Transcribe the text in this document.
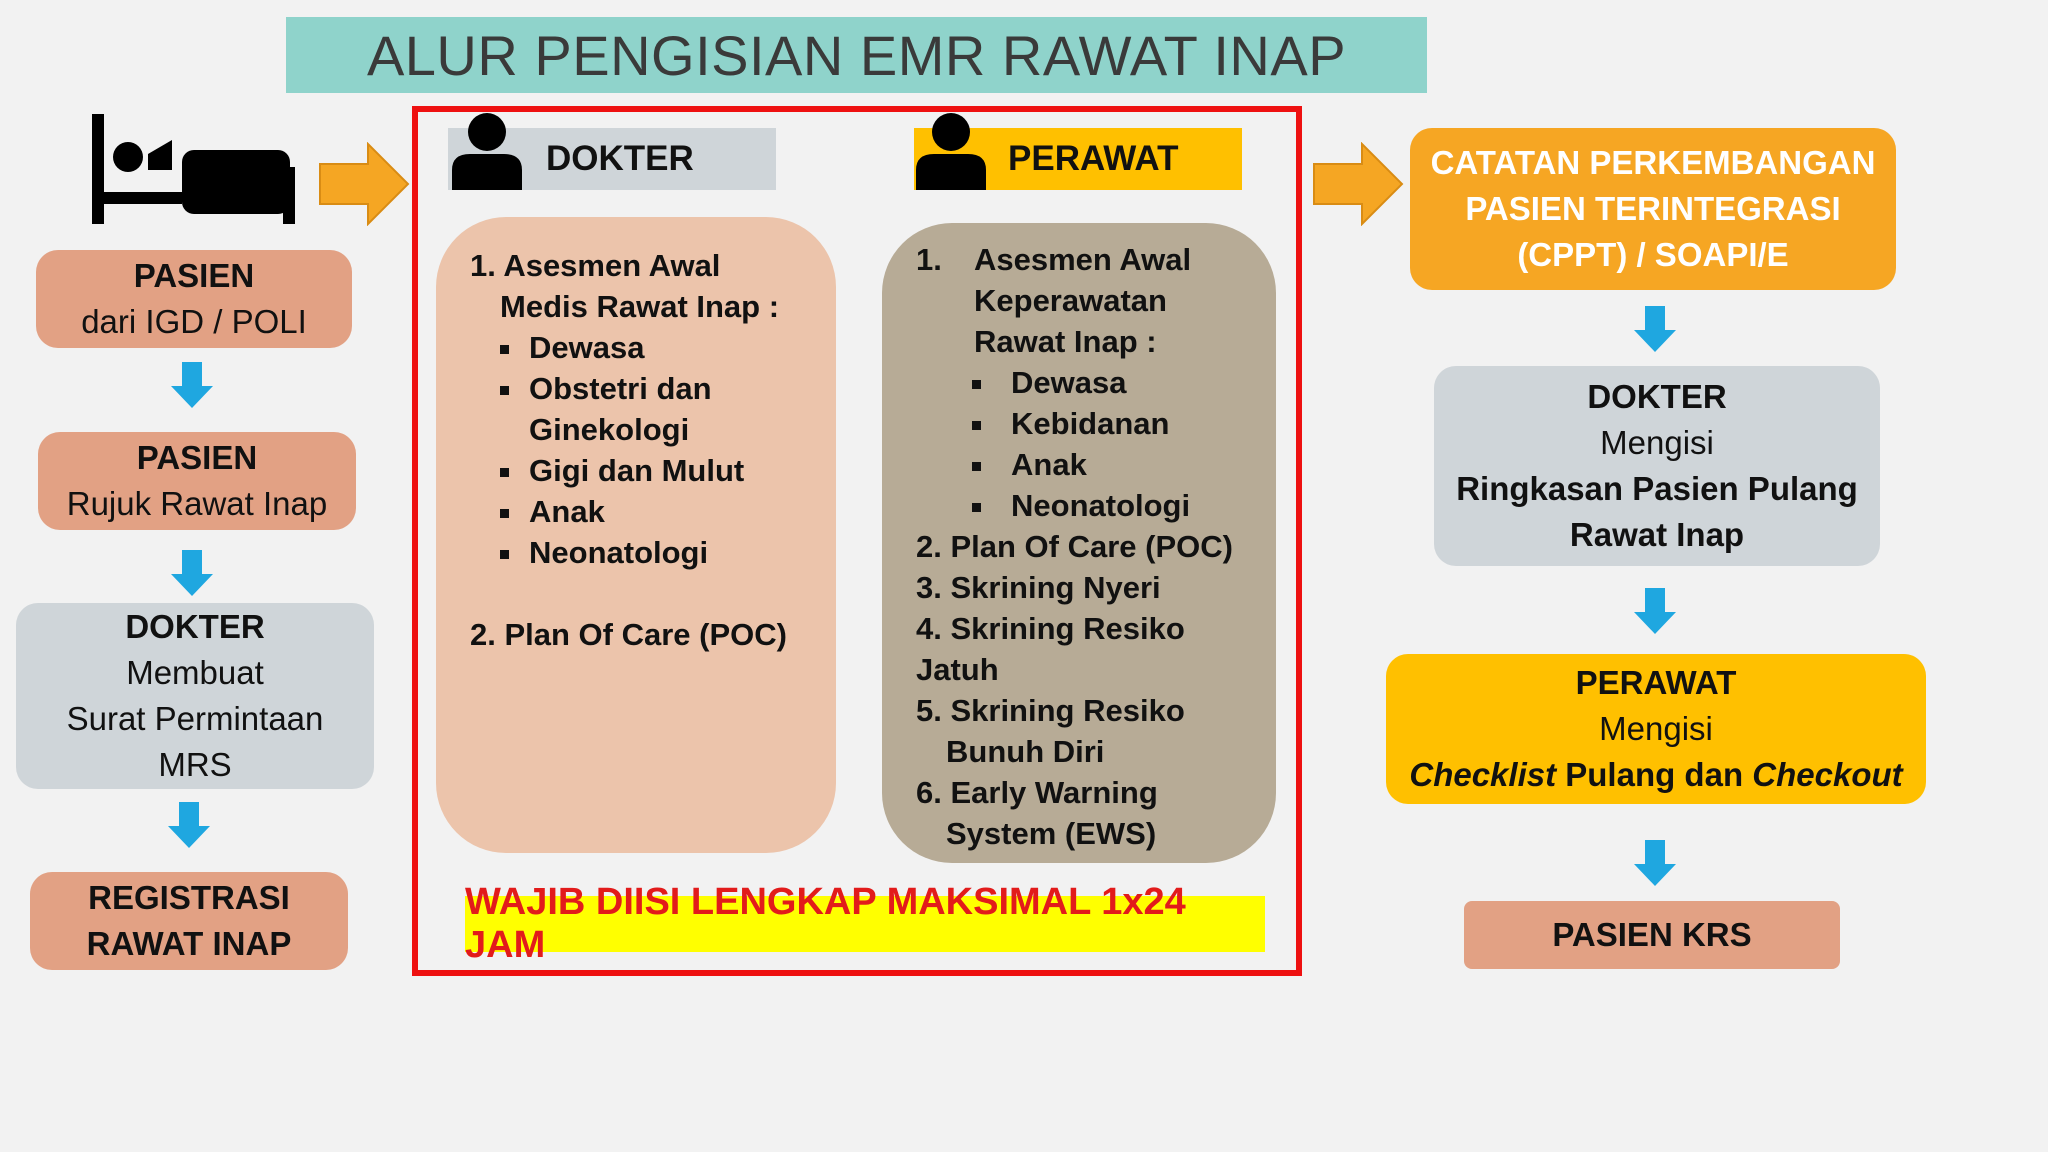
ALUR PENGISIAN EMR RAWAT INAP
PASIEN
dari IGD / POLI
PASIEN
Rujuk Rawat Inap
DOKTER
Membuat
Surat Permintaan
MRS
REGISTRASI
RAWAT INAP
DOKTER	PERAWAT
1. Asesmen Awal
Medis Rawat Inap :
Dewasa
Obstetri dan
Ginekologi
Gigi dan Mulut
Anak
Neonatologi
2. Plan Of Care (POC)
1.	Asesmen Awal
Keperawatan
Rawat Inap :
Dewasa
Kebidanan
Anak
Neonatologi
2. Plan Of Care (POC)
3. Skrining Nyeri
4. Skrining Resiko
Jatuh
5. Skrining Resiko
Bunuh Diri
6. Early Warning
System (EWS)
WAJIB DIISI LENGKAP MAKSIMAL 1x24 JAM
CATATAN PERKEMBANGAN
PASIEN TERINTEGRASI
(CPPT) / SOAPI/E
DOKTER
Mengisi
Ringkasan Pasien Pulang
Rawat Inap
PERAWAT
Mengisi
Checklist Pulang dan Checkout
PASIEN KRS
